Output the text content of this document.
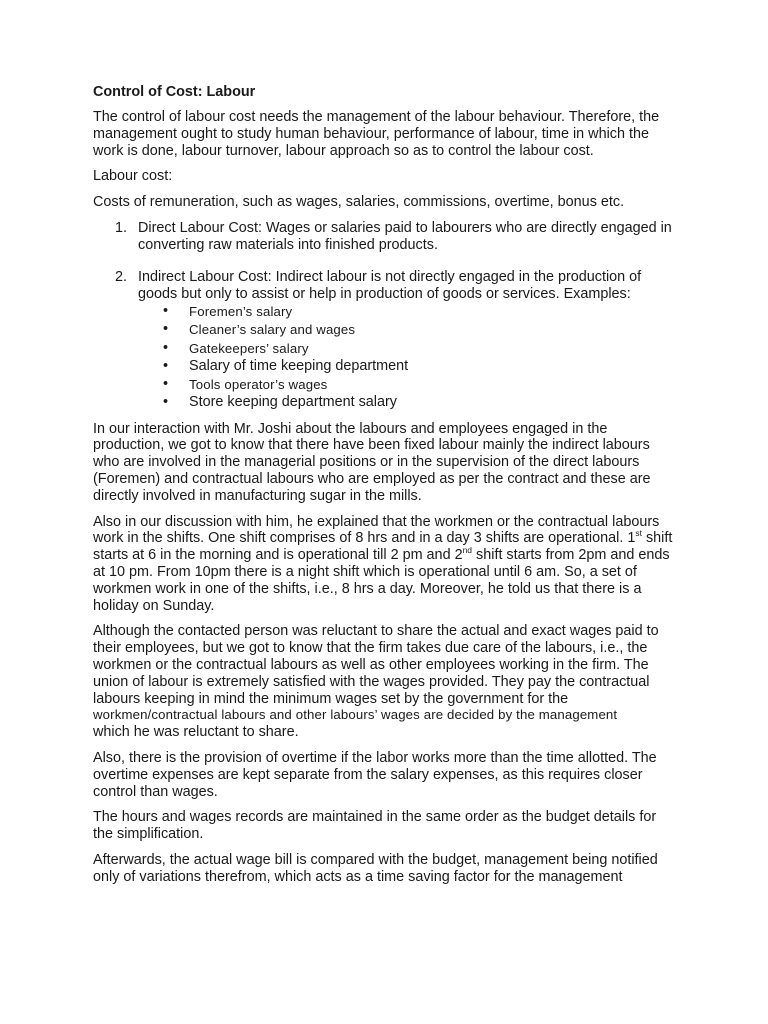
Control of Cost: Labour

The control of labour cost needs the management of the labour behaviour. Therefore, the management ought to study human behaviour, performance of labour, time in which the work is done, labour turnover, labour approach so as to control the labour cost.

Labour cost:

Costs of remuneration, such as wages, salaries, commissions, overtime, bonus etc.

1. Direct Labour Cost: Wages or salaries paid to labourers who are directly engaged in converting raw materials into finished products.
2. Indirect Labour Cost: Indirect labour is not directly engaged in the production of goods but only to assist or help in production of goods or services. Examples:
• Foremen’s salary
• Cleaner’s salary and wages
• Gatekeepers’ salary
• Salary of time keeping department
• Tools operator’s wages
• Store keeping department salary

In our interaction with Mr. Joshi about the labours and employees engaged in the production, we got to know that there have been fixed labour mainly the indirect labours who are involved in the managerial positions or in the supervision of the direct labours (Foremen) and contractual labours who are employed as per the contract and these are directly involved in manufacturing sugar in the mills.

Also in our discussion with him, he explained that the workmen or the contractual labours work in the shifts. One shift comprises of 8 hrs and in a day 3 shifts are operational. 1st shift starts at 6 in the morning and is operational till 2 pm and 2nd shift starts from 2pm and ends at 10 pm. From 10pm there is a night shift which is operational until 6 am. So, a set of workmen work in one of the shifts, i.e., 8 hrs a day. Moreover, he told us that there is a holiday on Sunday.

Although the contacted person was reluctant to share the actual and exact wages paid to their employees, but we got to know that the firm takes due care of the labours, i.e., the workmen or the contractual labours as well as other employees working in the firm. The union of labour is extremely satisfied with the wages provided. They pay the contractual labours keeping in mind the minimum wages set by the government for the
workmen/contractual labours and other labours’ wages are decided by the management
which he was reluctant to share.

Also, there is the provision of overtime if the labor works more than the time allotted. The overtime expenses are kept separate from the salary expenses, as this requires closer control than wages.

The hours and wages records are maintained in the same order as the budget details for the simplification.

Afterwards, the actual wage bill is compared with the budget, management being notified only of variations therefrom, which acts as a time saving factor for the management
